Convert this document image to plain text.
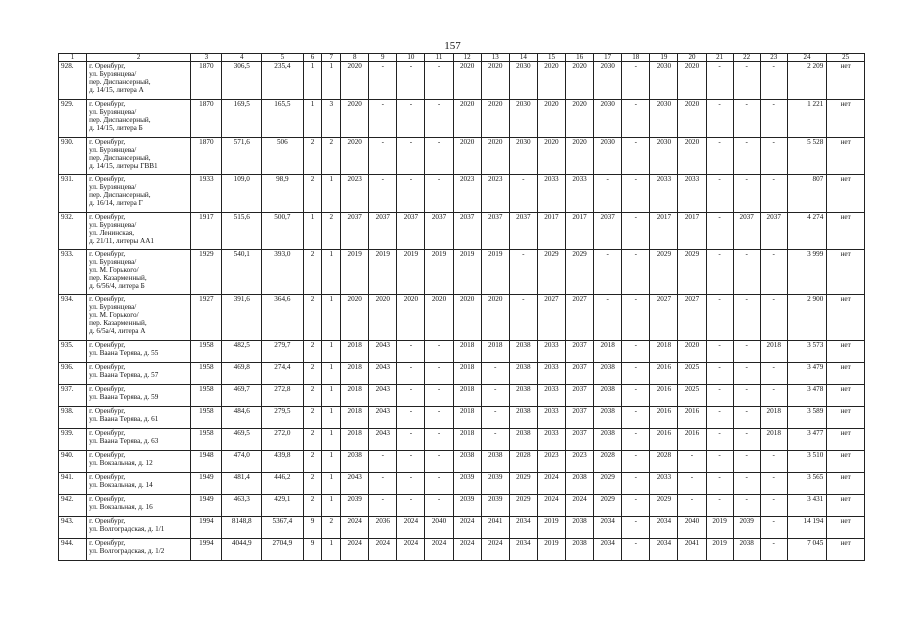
157
1	2	3	4	5	6	7	8	9	10	11	12	13	14	15	16	17	18	19	20	21	22	23	24	25
928.	г. Оренбург,
ул. Бурзянцева/
пер. Диспансерный,
д. 14/15, литера А	1870	306,5	235,4	1	1	2020	-	-	-	2020	2020	2030	2020	2020	2030	-	2030	2020	-	-	-	2 209	нет
929.	г. Оренбург,
ул. Бурзянцева/
пер. Диспансерный,
д. 14/15, литера Б	1870	169,5	165,5	1	3	2020	-	-	-	2020	2020	2030	2020	2020	2030	-	2030	2020	-	-	-	1 221	нет
930.	г. Оренбург,
ул. Бурзянцева/
пер. Диспансерный,
д. 14/15, литеры ГВВ1	1870	571,6	506	2	2	2020	-	-	-	2020	2020	2030	2020	2020	2030	-	2030	2020	-	-	-	5 528	нет
931.	г. Оренбург,
ул. Бурзянцева/
пер. Диспансерный,
д. 16/14, литера Г	1933	109,0	98,9	2	1	2023	-	-	-	2023	2023	-	2033	2033	-	-	2033	2033	-	-	-	807	нет
932.	г. Оренбург,
ул. Бурзянцева/
ул. Ленинская,
д. 21/11, литеры АА1	1917	515,6	500,7	1	2	2037	2037	2037	2037	2037	2037	2037	2017	2017	2037	-	2017	2017	-	2037	2037	4 274	нет
933.	г. Оренбург,
ул. Бурзянцева/
ул. М. Горького/
пер. Казарменный,
д. 6/56/4, литера Б	1929	540,1	393,0	2	1	2019	2019	2019	2019	2019	2019	-	2029	2029	-	-	2029	2029	-	-	-	3 999	нет
934.	г. Оренбург,
ул. Бурзянцева/
ул. М. Горького/
пер. Казарменный,
д. 6/5а/4, литера А	1927	391,6	364,6	2	1	2020	2020	2020	2020	2020	2020	-	2027	2027	-	-	2027	2027	-	-	-	2 900	нет
935.	г. Оренбург,
ул. Ваана Терява, д. 55	1958	482,5	279,7	2	1	2018	2043	-	-	2018	2018	2038	2033	2037	2018	-	2018	2020	-	-	2018	3 573	нет
936.	г. Оренбург,
ул. Ваана Терява, д. 57	1958	469,8	274,4	2	1	2018	2043	-	-	2018	-	2038	2033	2037	2038	-	2016	2025	-	-	-	3 479	нет
937.	г. Оренбург,
ул. Ваана Терява, д. 59	1958	469,7	272,8	2	1	2018	2043	-	-	2018	-	2038	2033	2037	2038	-	2016	2025	-	-	-	3 478	нет
938.	г. Оренбург,
ул. Ваана Терява, д. 61	1958	484,6	279,5	2	1	2018	2043	-	-	2018	-	2038	2033	2037	2038	-	2016	2016	-	-	2018	3 589	нет
939.	г. Оренбург,
ул. Ваана Терява, д. 63	1958	469,5	272,0	2	1	2018	2043	-	-	2018	-	2038	2033	2037	2038	-	2016	2016	-	-	2018	3 477	нет
940.	г. Оренбург,
ул. Вокзальная, д. 12	1948	474,0	439,8	2	1	2038	-	-	-	2038	2038	2028	2023	2023	2028	-	2028	-	-	-	-	3 510	нет
941.	г. Оренбург,
ул. Вокзальная, д. 14	1949	481,4	446,2	2	1	2043	-	-	-	2039	2039	2029	2024	2038	2029	-	2033	-	-	-	-	3 565	нет
942.	г. Оренбург,
ул. Вокзальная, д. 16	1949	463,3	429,1	2	1	2039	-	-	-	2039	2039	2029	2024	2024	2029	-	2029	-	-	-	-	3 431	нет
943.	г. Оренбург,
ул. Волгоградская, д. 1/1	1994	8148,8	5367,4	9	2	2024	2036	2024	2040	2024	2041	2034	2019	2038	2034	-	2034	2040	2019	2039	-	14 194	нет
944.	г. Оренбург,
ул. Волгоградская, д. 1/2	1994	4044,9	2704,9	9	1	2024	2024	2024	2024	2024	2024	2034	2019	2038	2034	-	2034	2041	2019	2038	-	7 045	нет
